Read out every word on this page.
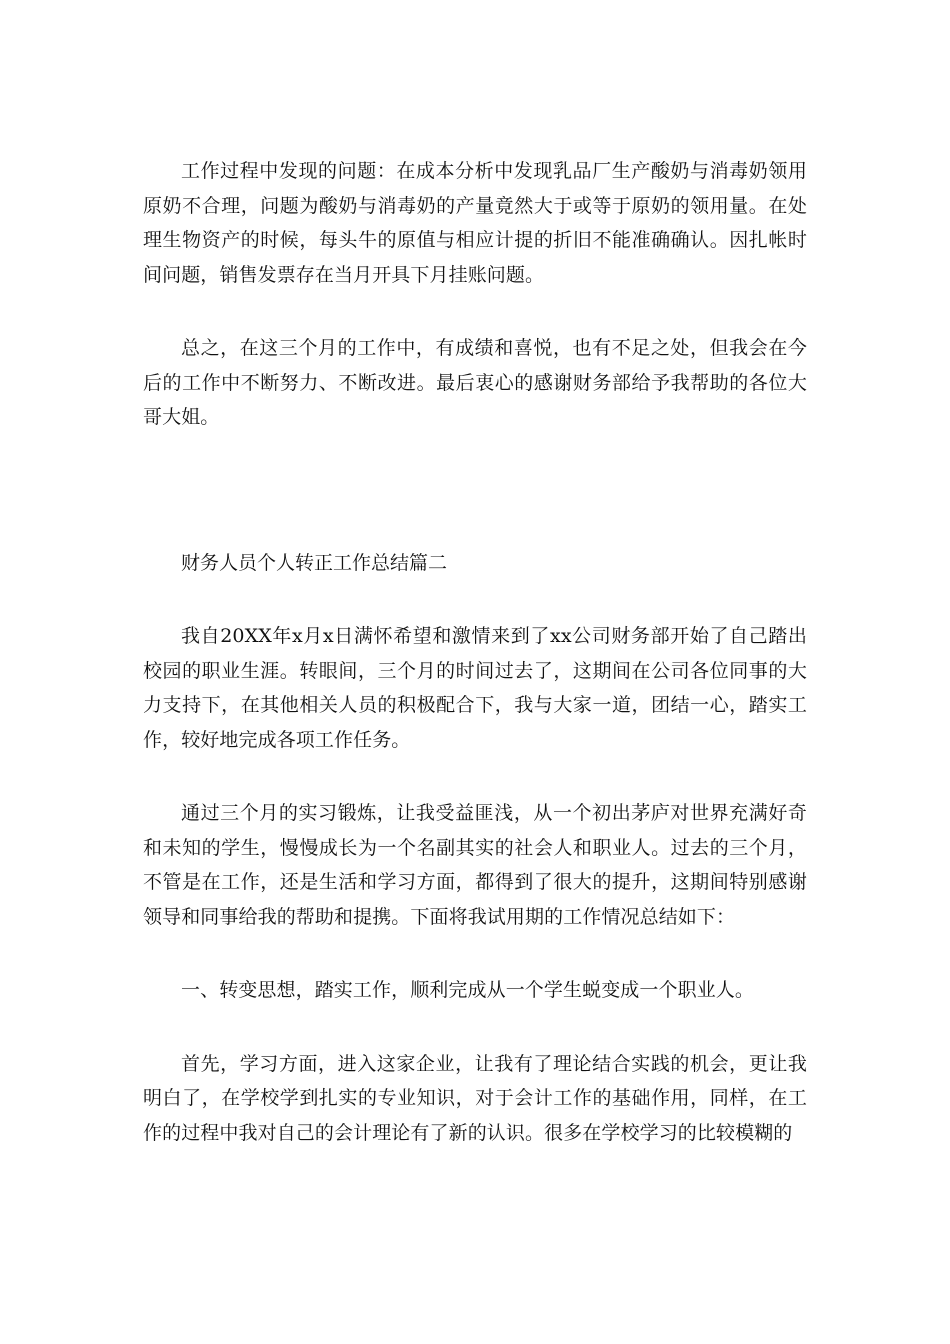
工作过程中发现的问题：在成本分析中发现乳品厂生产酸奶与消毒奶领用原奶不合理，问题为酸奶与消毒奶的产量竟然大于或等于原奶的领用量。在处理生物资产的时候，每头牛的原值与相应计提的折旧不能准确确认。因扎帐时间问题，销售发票存在当月开具下月挂账问题。

总之，在这三个月的工作中，有成绩和喜悦，也有不足之处，但我会在今后的工作中不断努力、不断改进。最后衷心的感谢财务部给予我帮助的各位大哥大姐。

财务人员个人转正工作总结篇二

我自20XX年x月x日满怀希望和激情来到了xx公司财务部开始了自己踏出校园的职业生涯。转眼间，三个月的时间过去了，这期间在公司各位同事的大力支持下，在其他相关人员的积极配合下，我与大家一道，团结一心，踏实工作，较好地完成各项工作任务。

通过三个月的实习锻炼，让我受益匪浅，从一个初出茅庐对世界充满好奇和未知的学生，慢慢成长为一个名副其实的社会人和职业人。过去的三个月，不管是在工作，还是生活和学习方面，都得到了很大的提升，这期间特别感谢领导和同事给我的帮助和提携。下面将我试用期的工作情况总结如下：

一、转变思想，踏实工作，顺利完成从一个学生蜕变成一个职业人。

首先，学习方面，进入这家企业，让我有了理论结合实践的机会，更让我明白了，在学校学到扎实的专业知识，对于会计工作的基础作用，同样，在工作的过程中我对自己的会计理论有了新的认识。很多在学校学习的比较模糊的
